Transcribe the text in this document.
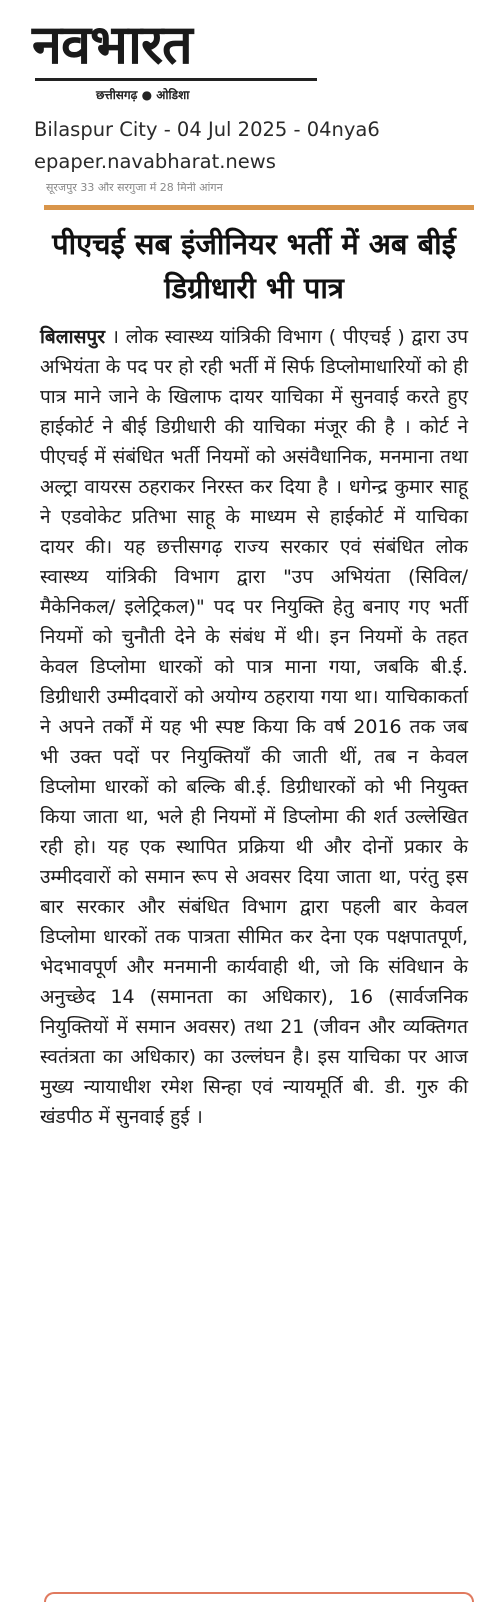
नवभारत
छत्तीसगढ़ ● ओडिशा
Bilaspur City - 04 Jul 2025 - 04nya6
epaper.navabharat.news
सूरजपुर 33 और सरगुजा में 28 मिनी आंगन
पीएचई सब इंजीनियर भर्ती में अब बीई डिग्रीधारी भी पात्र

बिलासपुर । लोक स्वास्थ्य यांत्रिकी विभाग ( पीएचई ) द्वारा उप अभियंता के पद पर हो रही भर्ती में सिर्फ डिप्लोमाधारियों को ही पात्र माने जाने के खिलाफ दायर याचिका में सुनवाई करते हुए हाईकोर्ट ने बीई डिग्रीधारी की याचिका मंजूर की है । कोर्ट ने पीएचई में संबंधित भर्ती नियमों को असंवैधानिक, मनमाना तथा अल्ट्रा वायरस ठहराकर निरस्त कर दिया है । धगेन्द्र कुमार साहू ने एडवोकेट प्रतिभा साहू के माध्यम से हाईकोर्ट में याचिका दायर की। यह छत्तीसगढ़ राज्य सरकार एवं संबंधित लोक स्वास्थ्य यांत्रिकी विभाग द्वारा "उप अभियंता (सिविल/ मैकेनिकल/ इलेट्रिकल)" पद पर नियुक्ति हेतु बनाए गए भर्ती नियमों को चुनौती देने के संबंध में थी। इन नियमों के तहत केवल डिप्लोमा धारकों को पात्र माना गया, जबकि बी.ई. डिग्रीधारी उम्मीदवारों को अयोग्य ठहराया गया था। याचिकाकर्ता ने अपने तर्कों में यह भी स्पष्ट किया कि वर्ष 2016 तक जब भी उक्त पदों पर नियुक्तियाँ की जाती थीं, तब न केवल डिप्लोमा धारकों को बल्कि बी.ई. डिग्रीधारकों को भी नियुक्त किया जाता था, भले ही नियमों में डिप्लोमा की शर्त उल्लेखित रही हो। यह एक स्थापित प्रक्रिया थी और दोनों प्रकार के उम्मीदवारों को समान रूप से अवसर दिया जाता था, परंतु इस बार सरकार और संबंधित विभाग द्वारा पहली बार केवल डिप्लोमा धारकों तक पात्रता सीमित कर देना एक पक्षपातपूर्ण, भेदभावपूर्ण और मनमानी कार्यवाही थी, जो कि संविधान के अनुच्छेद 14 (समानता का अधिकार), 16 (सार्वजनिक नियुक्तियों में समान अवसर) तथा 21 (जीवन और व्यक्तिगत स्वतंत्रता का अधिकार) का उल्लंघन है। इस याचिका पर आज मुख्य न्यायाधीश रमेश सिन्हा एवं न्यायमूर्ति बी. डी. गुरु की खंडपीठ में सुनवाई हुई ।
